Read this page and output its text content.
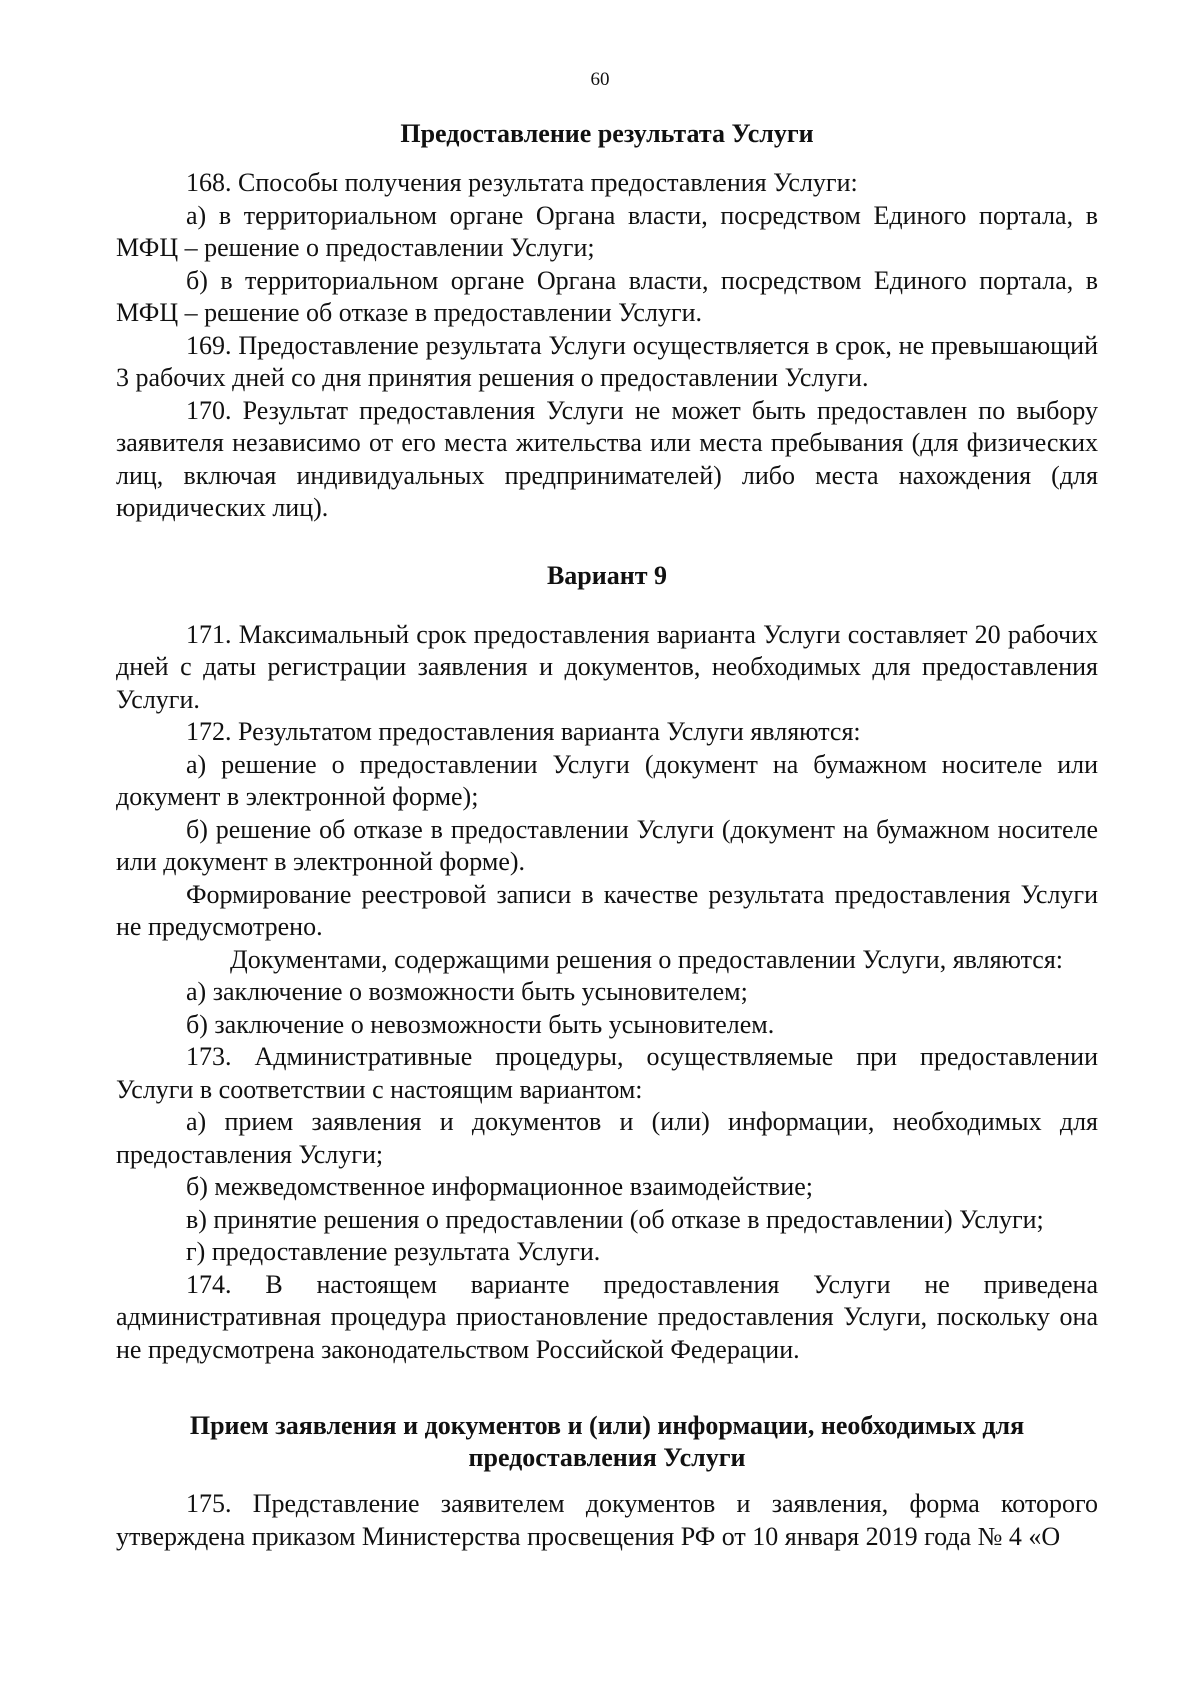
60

Предоставление результата Услуги

168. Способы получения результата предоставления Услуги:

а) в территориальном органе Органа власти, посредством Единого портала, в МФЦ – решение о предоставлении Услуги;

б) в территориальном органе Органа власти, посредством Единого портала, в МФЦ – решение об отказе в предоставлении Услуги.

169. Предоставление результата Услуги осуществляется в срок, не превышающий 3 рабочих дней со дня принятия решения о предоставлении Услуги.

170. Результат предоставления Услуги не может быть предоставлен по выбору заявителя независимо от его места жительства или места пребывания (для физических лиц, включая индивидуальных предпринимателей) либо места нахождения (для юридических лиц).

Вариант 9

171. Максимальный срок предоставления варианта Услуги составляет 20 рабочих дней с даты регистрации заявления и документов, необходимых для предоставления Услуги.

172. Результатом предоставления варианта Услуги являются:

а) решение о предоставлении Услуги (документ на бумажном носителе или документ в электронной форме);

б) решение об отказе в предоставлении Услуги (документ на бумажном носителе или документ в электронной форме).

Формирование реестровой записи в качестве результата предоставления Услуги не предусмотрено.

Документами, содержащими решения о предоставлении Услуги, являются:

а) заключение о возможности быть усыновителем;

б) заключение о невозможности быть усыновителем.

173. Административные процедуры, осуществляемые при предоставлении Услуги в соответствии с настоящим вариантом:

а) прием заявления и документов и (или) информации, необходимых для предоставления Услуги;

б) межведомственное информационное взаимодействие;

в) принятие решения о предоставлении (об отказе в предоставлении) Услуги;

г) предоставление результата Услуги.

174. В настоящем варианте предоставления Услуги не приведена административная процедура приостановление предоставления Услуги, поскольку она не предусмотрена законодательством Российской Федерации.

Прием заявления и документов и (или) информации, необходимых для

предоставления Услуги

175. Представление заявителем документов и заявления, форма которого утверждена приказом Министерства просвещения РФ от 10 января 2019 года № 4 «О
